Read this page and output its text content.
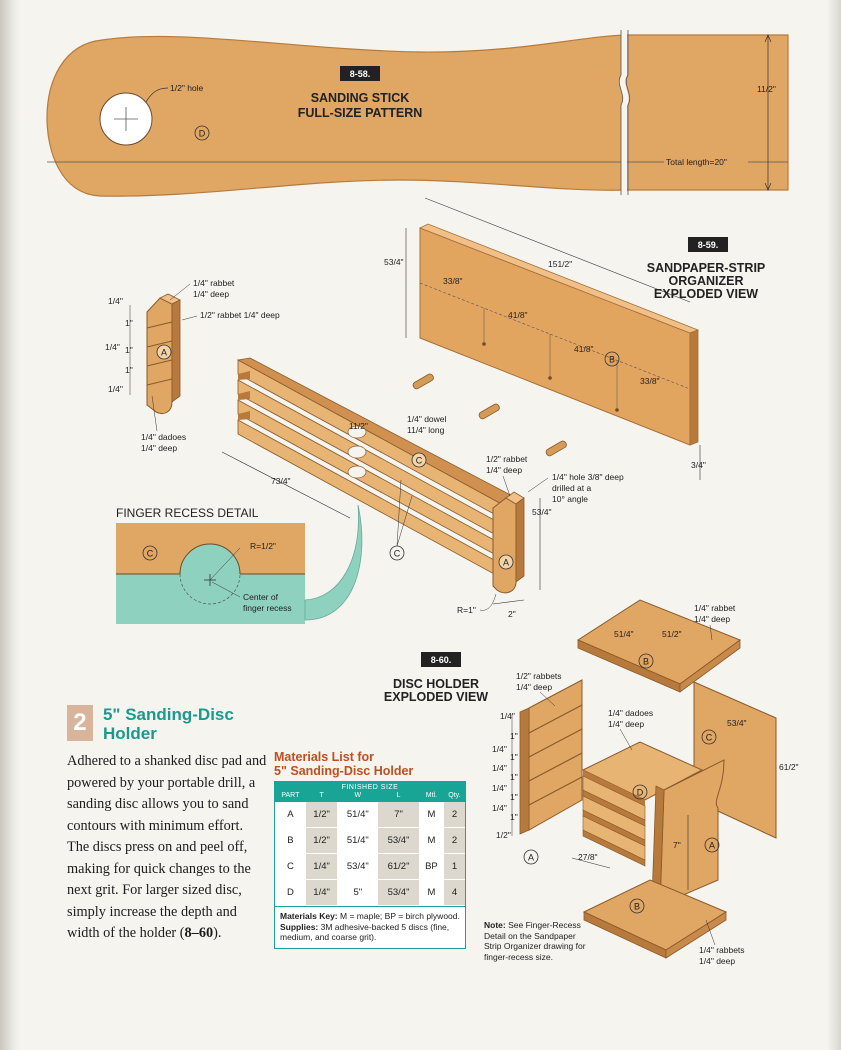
1/2" hole
D
8-58.
SANDING STICK
FULL-SIZE PATTERN
11/2"
Total length=20"
B
151/2"
53/4"
33/8"
41/8"
41/8"
33/8"
3/4"
8-59.
SANDPAPER-STRIP
ORGANIZER
EXPLODED VIEW
1/4" dowel
11/4" long
A
1/4" rabbet
1/4" deep
1/2" rabbet 1/4" deep
1/4" dadoes
1/4" deep
1/4"
1"
1/4" 1"
1"
1/4"
C
C
11/2"
73/4"
A
1/2" rabbet
1/4" deep
1/4" hole 3/8" deep
drilled at a
10° angle
53/4"
R=1"	2"
FINGER RECESS DETAIL
R=1/2"
Center of
finger recess
C
8-60.
DISC HOLDER
EXPLODED VIEW
B
51/4"	51/2"
1/4" rabbet
1/4" deep
C
53/4"
61/2"
A
1/2" rabbets
1/4" deep
1/4"
1"
1/4"
1"
1/4"
1"
1/4"
1"
1/4"
1"
1/2"
D
1/4" dadoes
1/4" deep
27/8"
A
7"
B
1/4" rabbets
1/4" deep
2 5" Sanding-Disc Holder
Adhered to a shanked disc pad and powered by your portable drill, a sanding disc allows you to sand contours with minimum effort. The discs press on and peel off, making for quick changes to the next grit. For larger sized disc, simply increase the depth and width of the holder (8–60).
Materials List for
5" Sanding-Disc Holder
FINISHED SIZE
PART	T	W	L	Mtl.	Qty.
A	1/2"	51/4"	7"	M	2
B	1/2"	51/4"	53/4"	M	2
C	1/4"	53/4"	61/2"	BP	1
D	1/4"	5"	53/4"	M	4
Materials Key: M = maple; BP = birch plywood.
Supplies: 3M adhesive-backed 5 discs (fine, medium, and coarse grit).
Note: See Finger-Recess Detail on the Sandpaper Strip Organizer drawing for finger-recess size.
